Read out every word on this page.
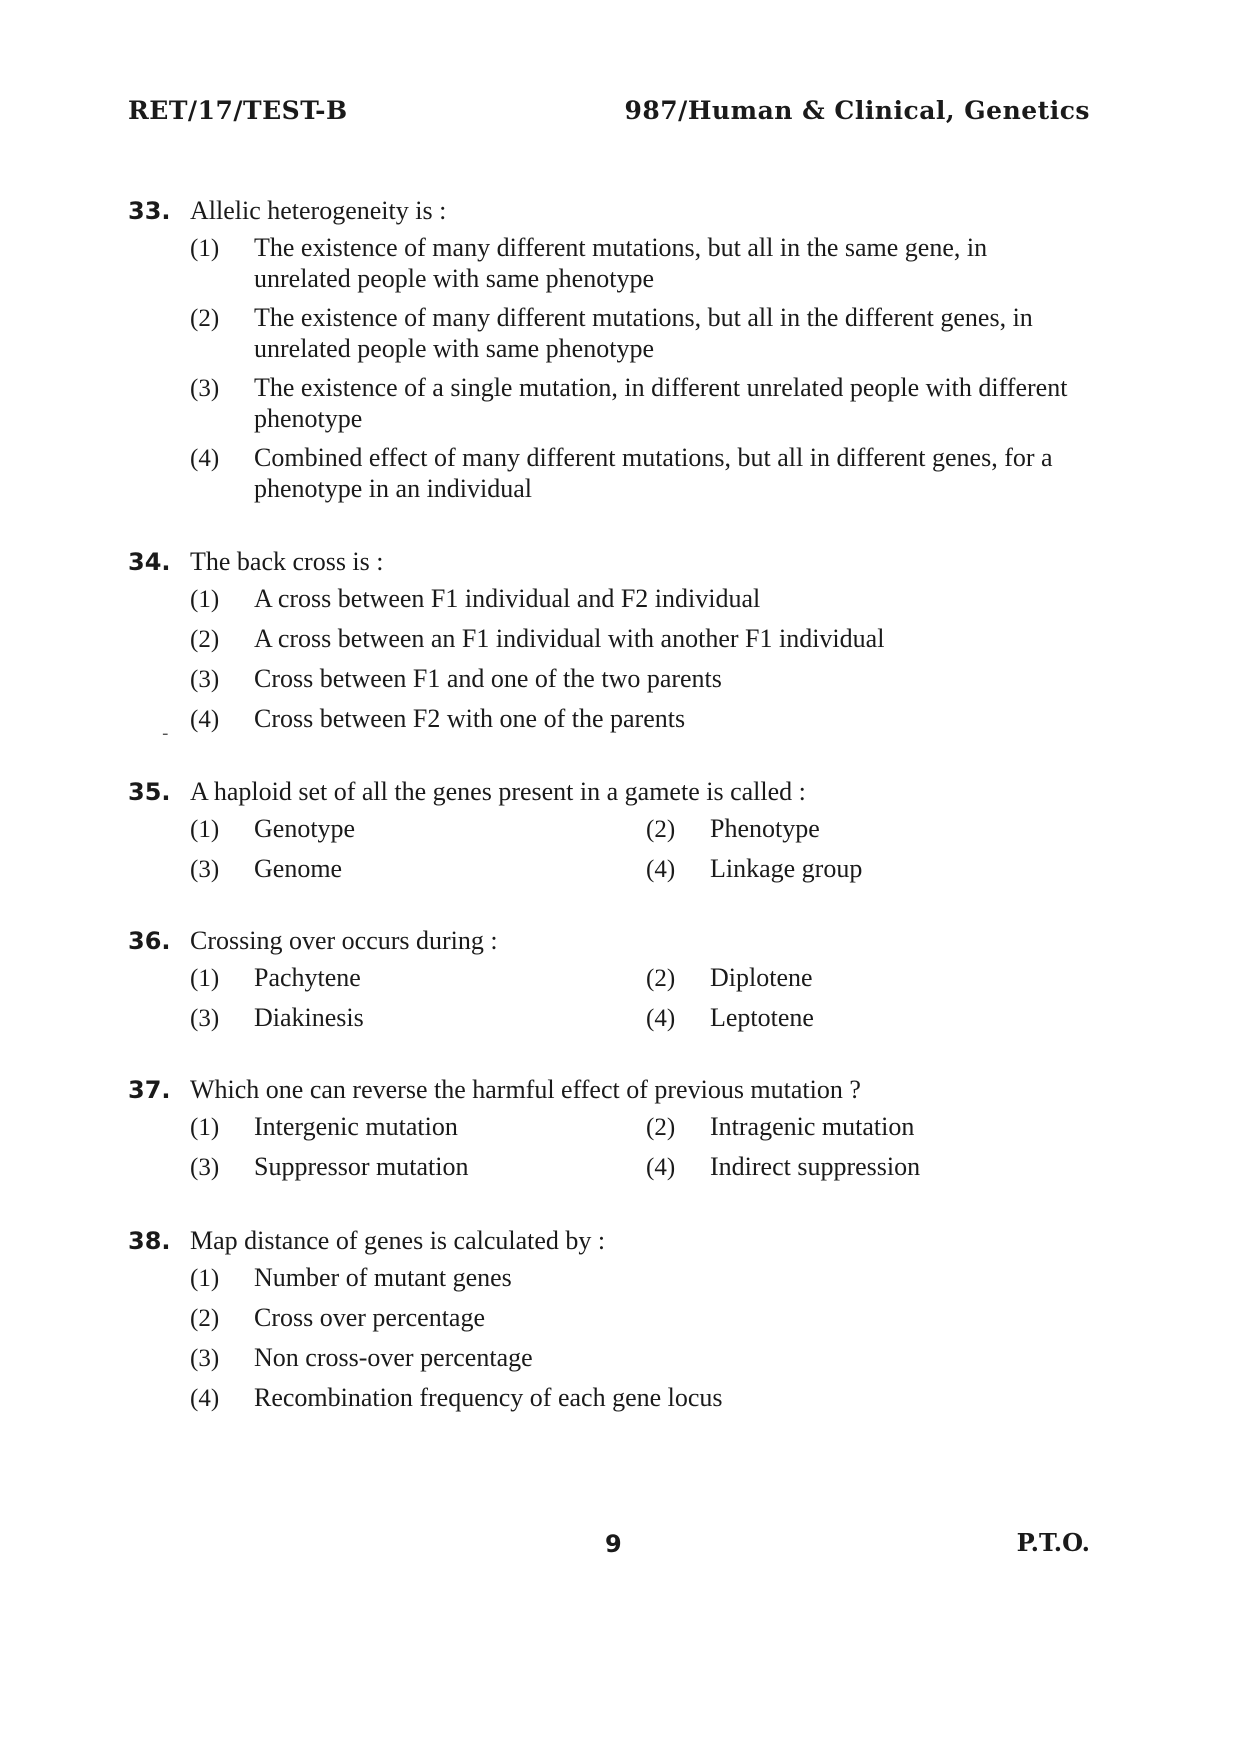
RET/17/TEST-B	987/Human & Clinical, Genetics
33. Allelic heterogeneity is :
(1)	The existence of many different mutations, but all in the same gene, in unrelated people with same phenotype
(2)	The existence of many different mutations, but all in the different genes, in unrelated people with same phenotype
(3)	The existence of a single mutation, in different unrelated people with different phenotype
(4)	Combined effect of many different mutations, but all in different genes, for a phenotype in an individual
34. The back cross is :
(1)	A cross between F1 individual and F2 individual
(2)	A cross between an F1 individual with another F1 individual
(3)	Cross between F1 and one of the two parents
(4)	Cross between F2 with one of the parents
-
35. A haploid set of all the genes present in a gamete is called :
(1)	Genotype	(2)	Phenotype
(3)	Genome	(4)	Linkage group
36. Crossing over occurs during :
(1)	Pachytene	(2)	Diplotene
(3)	Diakinesis	(4)	Leptotene
37. Which one can reverse the harmful effect of previous mutation ?
(1)	Intergenic mutation	(2)	Intragenic mutation
(3)	Suppressor mutation	(4)	Indirect suppression
38. Map distance of genes is calculated by :
(1)	Number of mutant genes
(2)	Cross over percentage
(3)	Non cross-over percentage
(4)	Recombination frequency of each gene locus
9	P.T.O.
